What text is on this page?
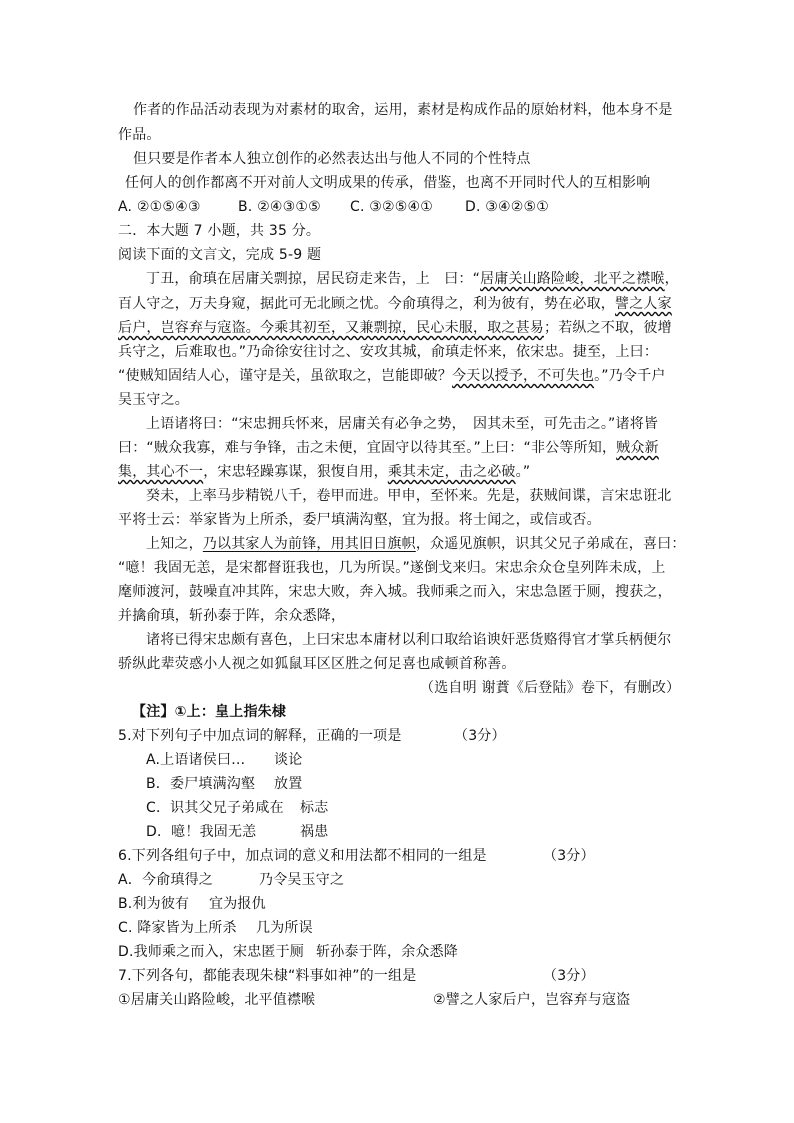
作者的作品活动表现为对素材的取舍，运用，素材是构成作品的原始材料，他本身不是
作品。
但只要是作者本人独立创作的必然表达出与他人不同的个性特点
任何人的创作都离不开对前人文明成果的传承，借鉴，也离不开同时代人的互相影响
A. ②①⑤④③	B. ②④③①⑤ C. ③②⑤④① D. ③④②⑤①
二．本大题 7 小题，共 35 分。
阅读下面的文言文，完成 5-9 题
丁丑，俞瑱在居庸关剽掠，居民窃走来告，上　曰：“居庸关山路险峻，北平之襟喉，
百人守之，万夫身窥，据此可无北顾之忧。今俞瑱得之，利为彼有，势在必取，譬之人家
后户，岂容弃与寇盗。今乘其初至，又兼剽掠，民心未服，取之甚易；若纵之不取，彼增
兵守之，后难取也。”乃命徐安往讨之、安攻其城，俞瑱走怀来，依宋忠。捷至，上曰：
“使贼知固结人心，谨守是关，虽欲取之，岂能即破？今天以授予，不可失也。”乃令千户
吴玉守之。
上语诸将曰：“宋忠拥兵怀来，居庸关有必争之势，　因其未至，可先击之。”诸将皆
曰：“贼众我寡，难与争锋，击之未便，宜固守以待其至。”上曰：“非公等所知，贼众新
集，其心不一，宋忠轻躁寡谋，狠愎自用，乘其未定，击之必破。”
癸未，上率马步精锐八千，卷甲而进。甲申，至怀来。先是，获贼间谍，言宋忠诳北
平将士云：举家皆为上所杀，委尸填满沟壑，宜为报。将士闻之，或信或否。
上知之，乃以其家人为前锋，用其旧日旗帜，众遥见旗帜，识其父兄子弟咸在，喜曰：
“噫！我固无恙，是宋都督诳我也，几为所误。”遂倒戈来归。宋忠余众仓皇列阵未成，上
麾师渡河，鼓噪直冲其阵，宋忠大败，奔入城。我师乘之而入，宋忠急匿于厕，搜获之，
并擒俞瑱，斩孙泰于阵，余众悉降，
诸将已得宋忠颇有喜色，上曰宋忠本庸材以利口取给谄谀奸恶货赂得官才掌兵柄便尔
骄纵此辈荧惑小人视之如狐鼠耳区区胜之何足喜也咸顿首称善。
（选自明 谢蕡《后登陆》卷下，有删改）
【注】①上：皇上指朱棣
5.对下列句子中加点词的解释，正确的一项是	（3分）
A.上语诸侯曰… 谈论
B．委尸填满沟壑 放置
C．识其父兄子弟咸在 标志
D．噫！我固无恙	祸患
6.下列各组句子中，加点词的意义和用法都不相同的一组是	（3分）
A．今俞瑱得之	乃令吴玉守之
B.利为彼有 宜为报仇
C. 降家皆为上所杀 几为所误
D.我师乘之而入，宋忠匿于厕 斩孙泰于阵，余众悉降
7.下列各句，都能表现朱棣“料事如神”的一组是	（3分）
①居庸关山路险峻，北平值襟喉	②譬之人家后户，岂容弃与寇盗
